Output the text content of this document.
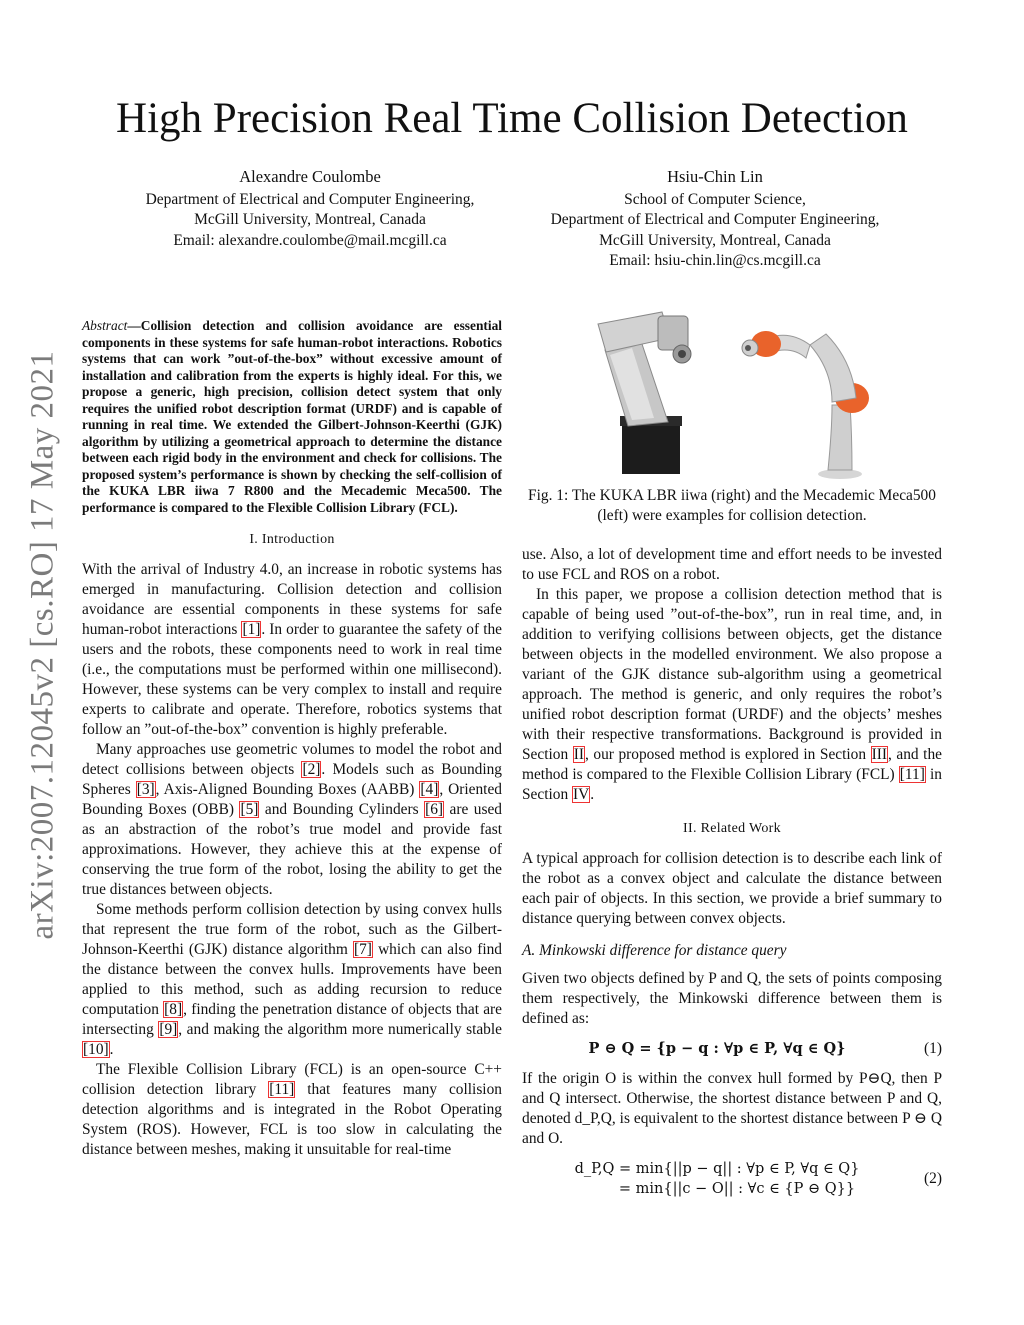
arXiv:2007.12045v2 [cs.RO] 17 May 2021
High Precision Real Time Collision Detection
Alexandre Coulombe
Department of Electrical and Computer Engineering,
McGill University, Montreal, Canada
Email: alexandre.coulombe@mail.mcgill.ca
Hsiu-Chin Lin
School of Computer Science,
Department of Electrical and Computer Engineering,
McGill University, Montreal, Canada
Email: hsiu-chin.lin@cs.mcgill.ca
Abstract—Collision detection and collision avoidance are essential components in these systems for safe human-robot interactions. Robotics systems that can work ”out-of-the-box” without excessive amount of installation and calibration from the experts is highly ideal. For this, we propose a generic, high precision, collision detect system that only requires the unified robot description format (URDF) and is capable of running in real time. We extended the Gilbert-Johnson-Keerthi (GJK) algorithm by utilizing a geometrical approach to determine the distance between each rigid body in the environment and check for collisions. The proposed system’s performance is shown by checking the self-collision of the KUKA LBR iiwa 7 R800 and the Mecademic Meca500. The performance is compared to the Flexible Collision Library (FCL).
I. Introduction

With the arrival of Industry 4.0, an increase in robotic systems has emerged in manufacturing. Collision detection and collision avoidance are essential components in these systems for safe human-robot interactions [1]. In order to guarantee the safety of the users and the robots, these components need to work in real time (i.e., the computations must be performed within one millisecond). However, these systems can be very complex to install and require experts to calibrate and operate. Therefore, robotics systems that follow an ”out-of-the-box” convention is highly preferable.

Many approaches use geometric volumes to model the robot and detect collisions between objects [2]. Models such as Bounding Spheres [3], Axis-Aligned Bounding Boxes (AABB) [4], Oriented Bounding Boxes (OBB) [5] and Bounding Cylinders [6] are used as an abstraction of the robot’s true model and provide fast approximations. However, they achieve this at the expense of conserving the true form of the robot, losing the ability to get the true distances between objects.

Some methods perform collision detection by using convex hulls that represent the true form of the robot, such as the Gilbert-Johnson-Keerthi (GJK) distance algorithm [7] which can also find the distance between the convex hulls. Improvements have been applied to this method, such as adding recursion to reduce computation [8], finding the penetration distance of objects that are intersecting [9], and making the algorithm more numerically stable [10].

The Flexible Collision Library (FCL) is an open-source C++ collision detection library [11] that features many collision detection algorithms and is integrated in the Robot Operating System (ROS). However, FCL is too slow in calculating the distance between meshes, making it unsuitable for real-time

Fig. 1: The KUKA LBR iiwa (right) and the Mecademic Meca500 (left) were examples for collision detection.

use. Also, a lot of development time and effort needs to be invested to use FCL and ROS on a robot.

In this paper, we propose a collision detection method that is capable of being used ”out-of-the-box”, run in real time, and, in addition to verifying collisions between objects, get the distance between objects in the modelled environment. We also propose a variant of the GJK distance sub-algorithm using a geometrical approach. The method is generic, and only requires the robot’s unified robot description format (URDF) and the objects’ meshes with their respective transformations. Background is provided in Section II, our proposed method is explored in Section III, and the method is compared to the Flexible Collision Library (FCL) [11] in Section IV.

II. Related Work

A typical approach for collision detection is to describe each link of the robot as a convex object and calculate the distance between each pair of objects. In this section, we provide a brief summary to distance querying between convex objects.

A. Minkowski difference for distance query

Given two objects defined by P and Q, the sets of points composing them respectively, the Minkowski difference between them is defined as:

P ⊖ Q = {p − q : ∀p ∈ P, ∀q ∈ Q}	(1)

If the origin O is within the convex hull formed by P⊖Q, then P and Q intersect. Otherwise, the shortest distance between P and Q, denoted d_P,Q, is equivalent to the shortest distance between P ⊖ Q and O.

d_P,Q = min{||p − q|| : ∀p ∈ P, ∀q ∈ Q}
= min{||c − O|| : ∀c ∈ {P ⊖ Q}}
(2)
